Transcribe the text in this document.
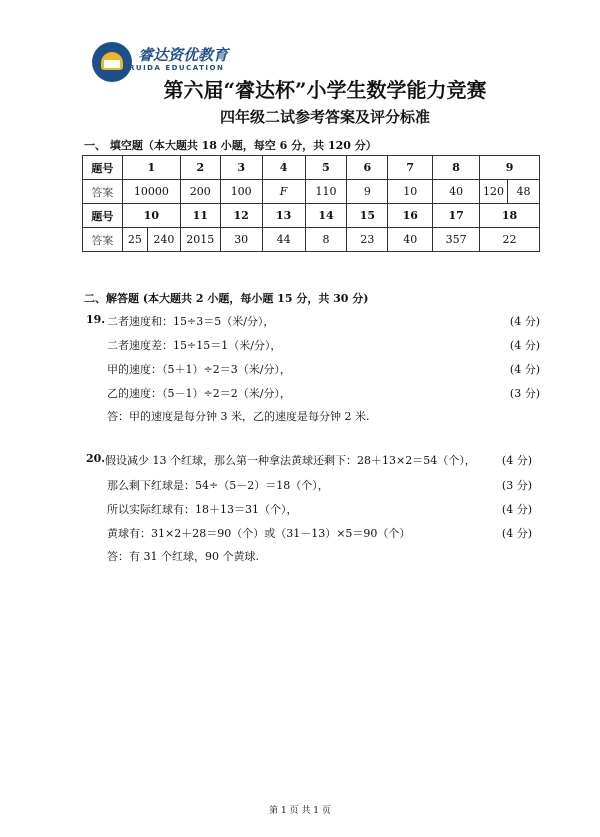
睿达资优教育
RUIDA EDUCATION
第六届“睿达杯”小学生数学能力竞赛
四年级二试参考答案及评分标准
一、 填空题（本大题共 18 小题，每空 6 分，共 120 分）
题号	1	2	3	4	5	6	7	8	9	
答案	10000	200	100	F	110	9	10	40	120	48
题号	10	11	12	13	14	15	16	17	18	
答案	25 240	2015	30	44	8	23	40	357	22	
二、解答题 (本大题共 2 小题，每小题 15 分，共 30 分)
19. 二者速度和：15÷3＝5（米/分），	(4 分)
二者速度差：15÷15＝1（米/分），	(4 分)
甲的速度：（5＋1）÷2＝3（米/分），	(4 分)
乙的速度：（5－1）÷2＝2（米/分），	(3 分)
答：甲的速度是每分钟 3 米，乙的速度是每分钟 2 米.
20. 假设减少 13 个红球，那么第一种拿法黄球还剩下：28＋13×2＝54（个）， (4 分)
那么剩下红球是：54÷（5－2）＝18（个），	(3 分)
所以实际红球有：18＋13＝31（个），	(4 分)
黄球有：31×2＋28＝90（个）或（31－13）×5＝90（个）	(4 分)
答：有 31 个红球，90 个黄球.
第 1 页 共 1 页
